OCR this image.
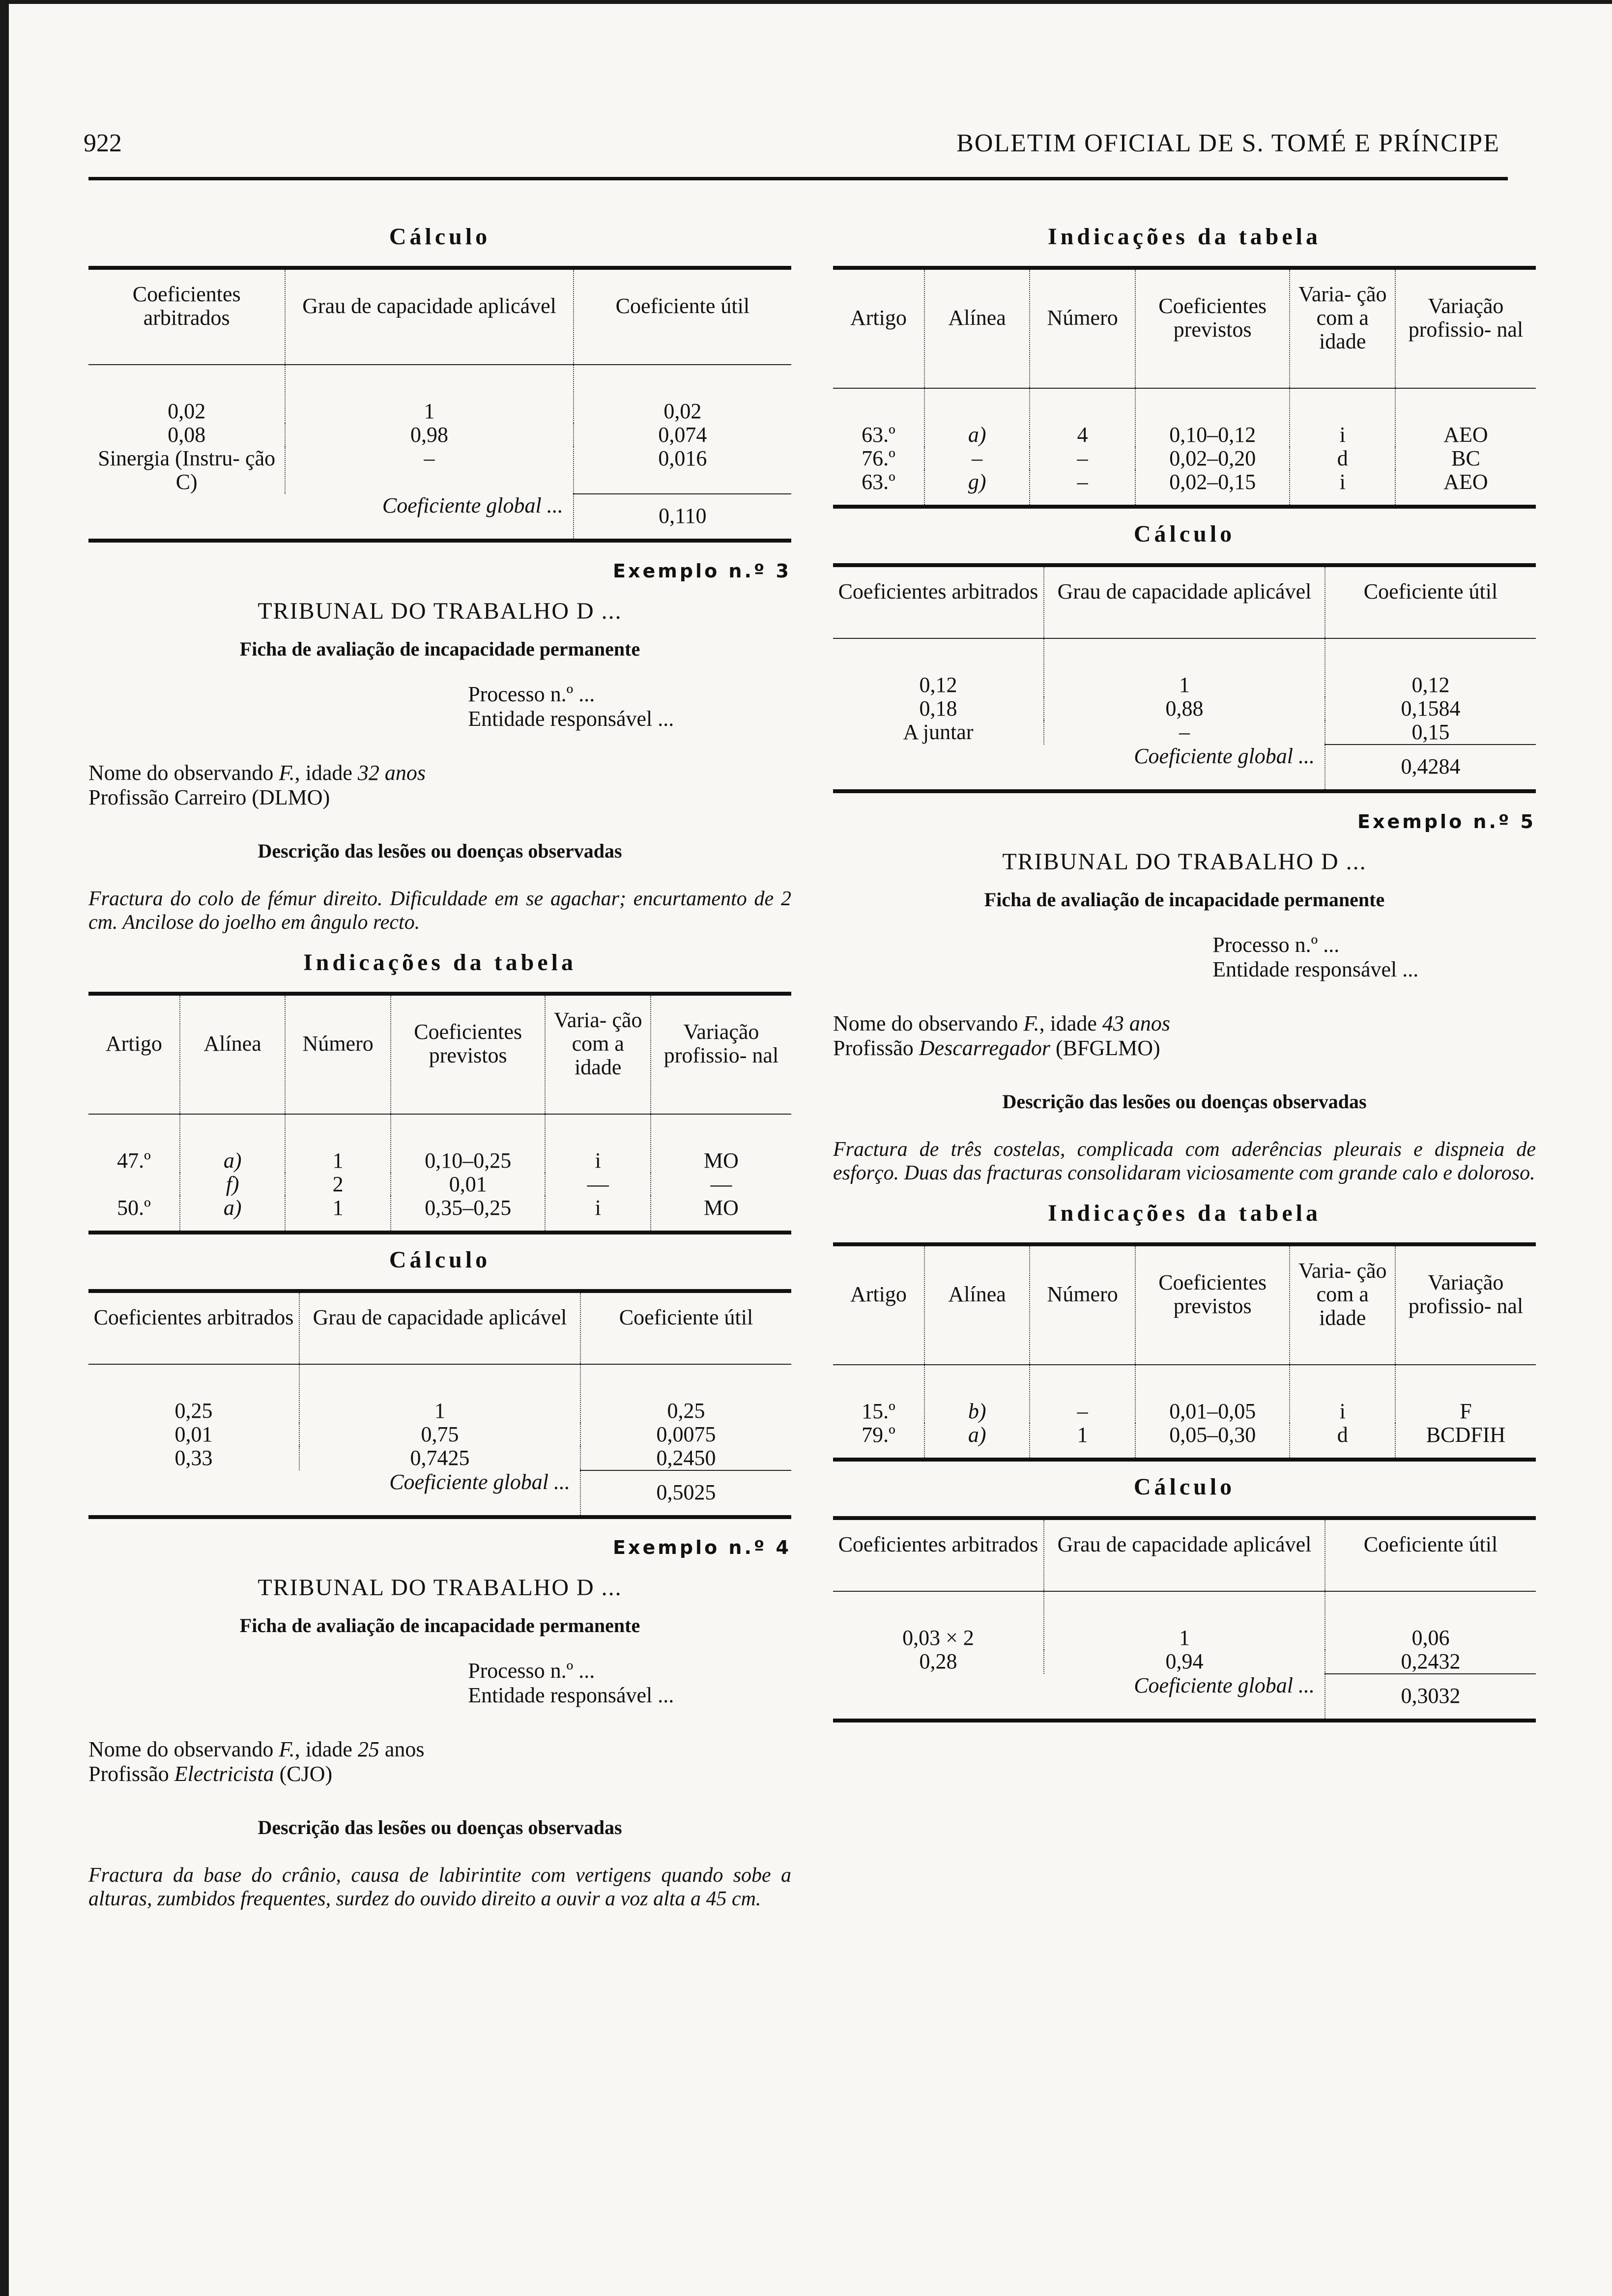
922	BOLETIM OFICIAL DE S. TOMÉ E PRÍNCIPE
Cálculo
Coeficientes arbitrados	Grau de capacidade aplicável	Coeficiente útil
0,02	1	0,02
0,08	0,98	0,074
Sinergia (Instru- ção C)	–	0,016
Coeficiente global ...		0,110
Exemplo n.º 3
TRIBUNAL DO TRABALHO D ...
Ficha de avaliação de incapacidade permanente
Processo n.º ...
Entidade responsável ...
Nome do observando F., idade 32 anos
Profissão Carreiro (DLMO)
Descrição das lesões ou doenças observadas

Fractura do colo de fémur direito. Dificuldade em se agachar; encurtamento de 2 cm. Ancilose do joelho em ângulo recto.

Indicações da tabela
Artigo	Alínea	Número	Coeficientes previstos	Varia- ção com a idade	Variação profissio- nal
47.º	a)	1	0,10–0,25	i	MO
	f)	2	0,01	—	—
50.º	a)	1	0,35–0,25	i	MO
Cálculo
Coeficientes arbitrados	Grau de capacidade aplicável	Coeficiente útil
0,25	1	0,25
0,01	0,75	0,0075
0,33	0,7425	0,2450
Coeficiente global ...		0,5025
Exemplo n.º 4
TRIBUNAL DO TRABALHO D ...
Ficha de avaliação de incapacidade permanente
Processo n.º ...
Entidade responsável ...
Nome do observando F., idade 25 anos
Profissão Electricista (CJO)
Descrição das lesões ou doenças observadas

Fractura da base do crânio, causa de labirintite com vertigens quando sobe a alturas, zumbidos frequentes, surdez do ouvido direito a ouvir a voz alta a 45 cm.

Indicações da tabela
Artigo	Alínea	Número	Coeficientes previstos	Varia- ção com a idade	Variação profissio- nal
63.º	a)	4	0,10–0,12	i	AEO
76.º	–	–	0,02–0,20	d	BC
63.º	g)	–	0,02–0,15	i	AEO
Cálculo
Coeficientes arbitrados	Grau de capacidade aplicável	Coeficiente útil
0,12	1	0,12
0,18	0,88	0,1584
A juntar	–	0,15
Coeficiente global ...		0,4284
Exemplo n.º 5
TRIBUNAL DO TRABALHO D ...
Ficha de avaliação de incapacidade permanente
Processo n.º ...
Entidade responsável ...
Nome do observando F., idade 43 anos
Profissão Descarregador (BFGLMO)
Descrição das lesões ou doenças observadas

Fractura de três costelas, complicada com aderências pleurais e dispneia de esforço. Duas das fracturas consolidaram viciosamente com grande calo e doloroso.

Indicações da tabela
Artigo	Alínea	Número	Coeficientes previstos	Varia- ção com a idade	Variação profissio- nal
15.º	b)	–	0,01–0,05	i	F
79.º	a)	1	0,05–0,30	d	BCDFIH
Cálculo
Coeficientes arbitrados	Grau de capacidade aplicável	Coeficiente útil
0,03 × 2	1	0,06
0,28	0,94	0,2432
Coeficiente global ...		0,3032
